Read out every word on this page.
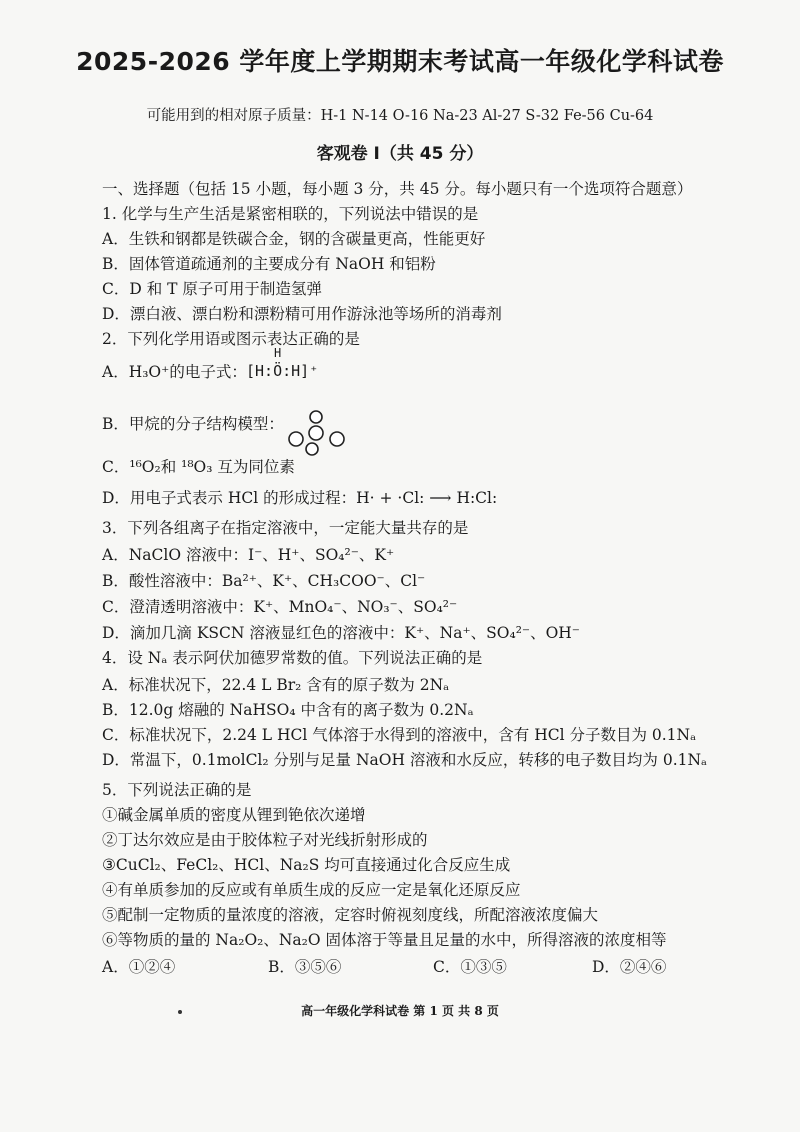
2025-2026 学年度上学期期末考试高一年级化学科试卷
可能用到的相对原子质量：H-1 N-14 O-16 Na-23 Al-27 S-32 Fe-56 Cu-64
客观卷 I（共 45 分）
一、选择题（包括 15 小题，每小题 3 分，共 45 分。每小题只有一个选项符合题意）
1. 化学与生产生活是紧密相联的，下列说法中错误的是
A．生铁和钢都是铁碳合金，钢的含碳量更高，性能更好
B．固体管道疏通剂的主要成分有 NaOH 和铝粉
C．D 和 T 原子可用于制造氢弹
D．漂白液、漂白粉和漂粉精可用作游泳池等场所的消毒剂
2．下列化学用语或图示表达正确的是
A．H₃O⁺的电子式：
H
[H:Ö:H]⁺
B．甲烷的分子结构模型：
C．¹⁶O₂和 ¹⁸O₃ 互为同位素
D．用电子式表示 HCl 的形成过程：H· + ·Cl: ⟶ H:Cl:
3．下列各组离子在指定溶液中，一定能大量共存的是
A．NaClO 溶液中：I⁻、H⁺、SO₄²⁻、K⁺
B．酸性溶液中：Ba²⁺、K⁺、CH₃COO⁻、Cl⁻
C．澄清透明溶液中：K⁺、MnO₄⁻、NO₃⁻、SO₄²⁻
D．滴加几滴 KSCN 溶液显红色的溶液中：K⁺、Na⁺、SO₄²⁻、OH⁻
4．设 Nₐ 表示阿伏加德罗常数的值。下列说法正确的是
A．标准状况下，22.4 L Br₂ 含有的原子数为 2Nₐ
B．12.0g 熔融的 NaHSO₄ 中含有的离子数为 0.2Nₐ
C．标准状况下，2.24 L HCl 气体溶于水得到的溶液中，含有 HCl 分子数目为 0.1Nₐ
D．常温下，0.1molCl₂ 分别与足量 NaOH 溶液和水反应，转移的电子数目均为 0.1Nₐ
5．下列说法正确的是
①碱金属单质的密度从锂到铯依次递增
②丁达尔效应是由于胶体粒子对光线折射形成的
③CuCl₂、FeCl₂、HCl、Na₂S 均可直接通过化合反应生成
④有单质参加的反应或有单质生成的反应一定是氧化还原反应
⑤配制一定物质的量浓度的溶液，定容时俯视刻度线，所配溶液浓度偏大
⑥等物质的量的 Na₂O₂、Na₂O 固体溶于等量且足量的水中，所得溶液的浓度相等
A．①②④	B．③⑤⑥	C．①③⑤	D．②④⑥
高一年级化学科试卷 第 1 页 共 8 页
